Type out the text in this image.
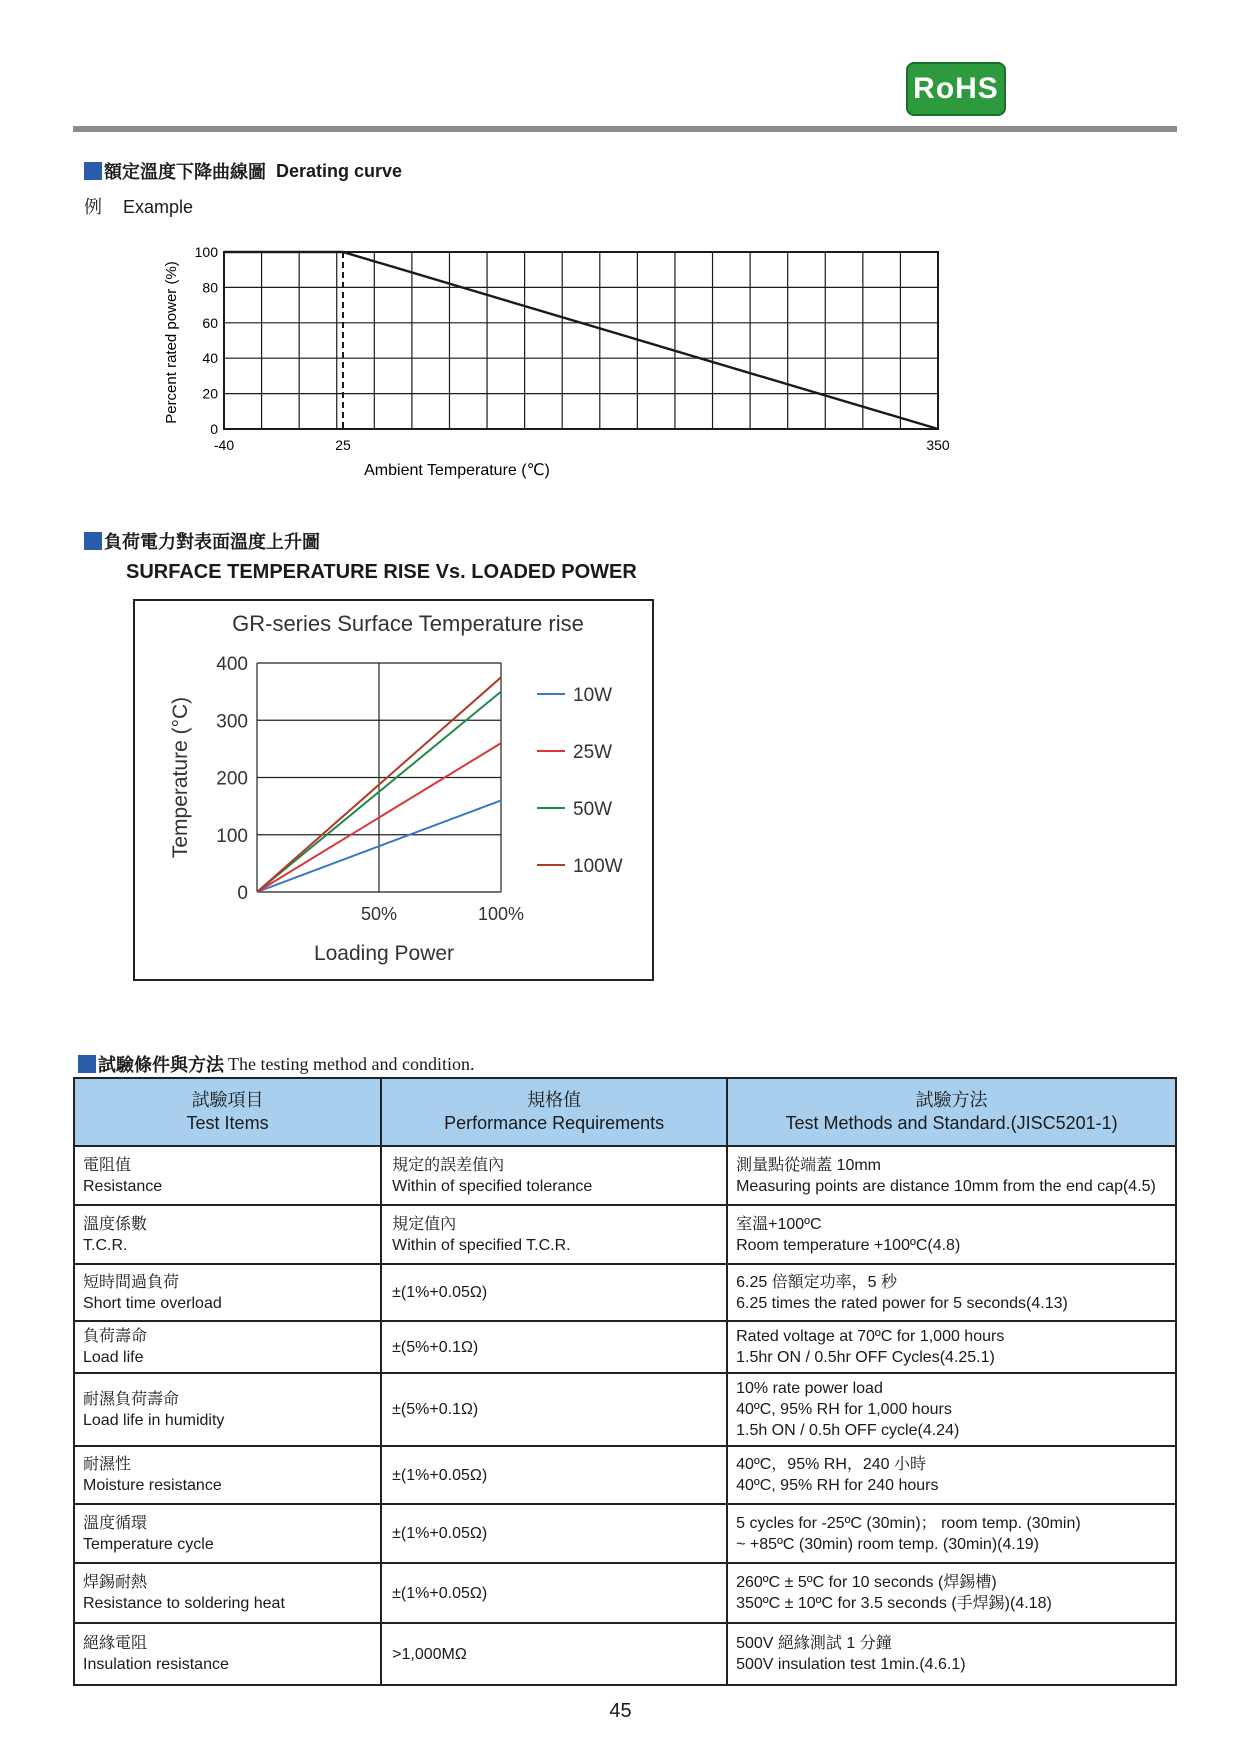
RoHS
額定溫度下降曲線圖 Derating curve
例 Example
0
20
40
60
80
100
-40	25	350
Ambient Temperature (℃)
Percent rated power (%)
負荷電力對表面溫度上升圖
SURFACE TEMPERATURE RISE Vs. LOADED POWER
GR-series Surface Temperature rise
0
100
200
300
400
50%	100%
Loading Power
Temperature (°C)
10W
25W
50W
100W
試驗條件與方法 The testing method and condition.
試驗項目
Test Items	規格值
Performance Requirements	試驗方法
Test Methods and Standard.(JISC5201-1)

電阻值
Resistance	規定的誤差值內
Within of specified tolerance	測量點從端蓋 10mm
Measuring points are distance 10mm from the end cap(4.5)

溫度係數
T.C.R.	規定值內
Within of specified T.C.R.	室溫+100ºC
Room temperature +100ºC(4.8)

短時間過負荷
Short time overload	±(1%+0.05Ω)	6.25 倍額定功率，5 秒
6.25 times the rated power for 5 seconds(4.13)

負荷壽命
Load life	±(5%+0.1Ω)	Rated voltage at 70ºC for 1,000 hours
1.5hr ON / 0.5hr OFF Cycles(4.25.1)

耐濕負荷壽命
Load life in humidity	±(5%+0.1Ω)	10% rate power load
40ºC, 95% RH for 1,000 hours
1.5h ON / 0.5h OFF cycle(4.24)

耐濕性
Moisture resistance	±(1%+0.05Ω)	40ºC，95% RH，240 小時
40ºC, 95% RH for 240 hours

溫度循環
Temperature cycle	±(1%+0.05Ω)	5 cycles for -25ºC (30min)； room temp. (30min)
~ +85ºC (30min) room temp. (30min)(4.19)

焊錫耐熱
Resistance to soldering heat	±(1%+0.05Ω)	260ºC ± 5ºC for 10 seconds (焊錫槽)
350ºC ± 10ºC for 3.5 seconds (手焊錫)(4.18)

絕緣電阻
Insulation resistance	>1,000MΩ	500V 絕緣測試 1 分鐘
500V insulation test 1min.(4.6.1)
45
